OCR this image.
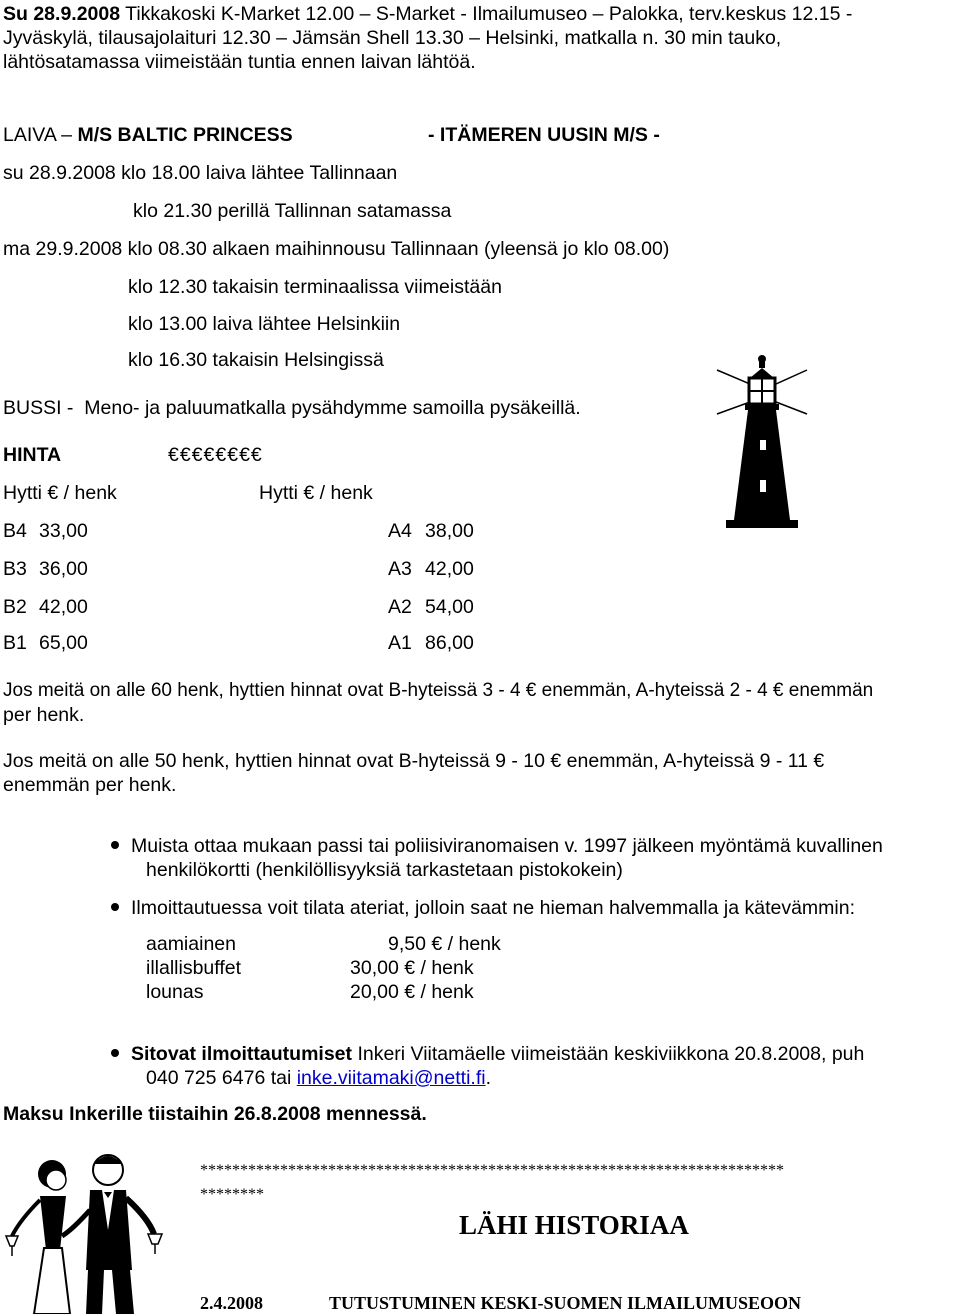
Su 28.9.2008 Tikkakoski K-Market 12.00 – S-Market - Ilmailumuseo – Palokka, terv.keskus 12.15 -
Jyväskylä, tilausajolaituri 12.30 – Jämsän Shell 13.30 – Helsinki, matkalla n. 30 min tauko,
lähtösatamassa viimeistään tuntia ennen laivan lähtöä.
LAIVA – M/S BALTIC PRINCESS	- ITÄMEREN UUSIN M/S -
su 28.9.2008 klo 18.00 laiva lähtee Tallinnaan
klo 21.30 perillä Tallinnan satamassa
ma 29.9.2008 klo 08.30 alkaen maihinnousu Tallinnaan (yleensä jo klo 08.00)
klo 12.30 takaisin terminaalissa viimeistään
klo 13.00 laiva lähtee Helsinkiin
klo 16.30 takaisin Helsingissä
BUSSI - Meno- ja paluumatkalla pysähdymme samoilla pysäkeillä.
HINTA	€€€€€€€€
Hytti € / henk	Hytti € / henk
B4 33,00	A4 38,00
B3 36,00	A3 42,00
B2 42,00	A2 54,00
B1 65,00	A1 86,00
Jos meitä on alle 60 henk, hyttien hinnat ovat B-hyteissä 3 - 4 € enemmän, A-hyteissä 2 - 4 € enemmän
per henk.
Jos meitä on alle 50 henk, hyttien hinnat ovat B-hyteissä 9 - 10 € enemmän, A-hyteissä 9 - 11 €
enemmän per henk.
Muista ottaa mukaan passi tai poliisiviranomaisen v. 1997 jälkeen myöntämä kuvallinen
henkilökortti (henkilöllisyyksiä tarkastetaan pistokokein)
Ilmoittautuessa voit tilata ateriat, jolloin saat ne hieman halvemmalla ja kätevämmin:
aamiainen	9,50 € / henk
illallisbuffet	30,00 € / henk
lounas	20,00 € / henk
Sitovat ilmoittautumiset Inkeri Viitamäelle viimeistään keskiviikkona 20.8.2008, puh
040 725 6476 tai inke.viitamaki@netti.fi.
Maksu Inkerille tiistaihin 26.8.2008 mennessä.
*************************************************************************
********
LÄHI HISTORIAA
2.4.2008	TUTUSTUMINEN KESKI-SUOMEN ILMAILUMUSEOON
